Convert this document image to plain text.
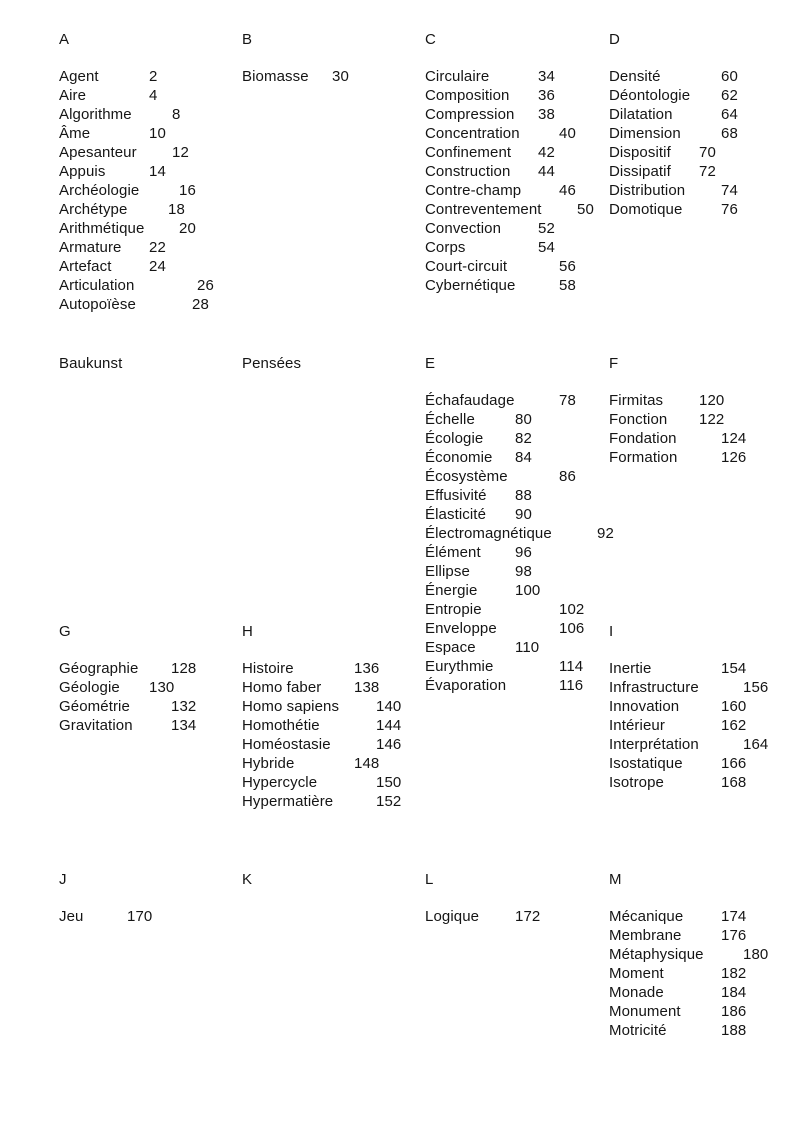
A
Agent	2
Aire	4
Algorithme	8
Âme	10
Apesanteur 12
Appuis	14
Archéologie	16
Archétype	18
Arithmétique 20
Armature 22
Artefact	24
Articulation	26
Autopoïèse	28
B
Biomasse 30
C
Circulaire	34
Composition 36
Compression 38
Concentration	40
Confinement 42
Construction 44
Contre-champ	46
Contreventement 50
Convection 52
Corps	54
Court-circuit	56
Cybernétique	58
D
Densité	60
Déontologie 62
Dilatation	64
Dimension	68
Dispositif 70
Dissipatif 72
Distribution 74
Domotique	76
Baukunst	Pensées	E
Échafaudage	78
Échelle	80
Écologie 82
Économie 84
Écosystème	86
Effusivité 88
Élasticité 90
Électromagnétique	92
Élément 96
Ellipse	98
Énergie	100
Entropie	102
Enveloppe	106
Espace	110
Eurythmie	114
Évaporation	116
F
Firmitas 120
Fonction 122
Fondation	124
Formation	126
G
Géographie 128
Géologie 130
Géométrie	132
Gravitation	134
H
Histoire	136
Homo faber 138
Homo sapiens 140
Homothétie	144
Homéostasie	146
Hybride	148
Hypercycle	150
Hypermatière	152
I
Inertie	154
Infrastructure	156
Innovation	160
Intérieur	162
Interprétation	164
Isostatique	166
Isotrope	168
J
Jeu	170
K	L
Logique 172
M
Mécanique	174
Membrane	176
Métaphysique	180
Moment	182
Monade	184
Monument	186
Motricité	188
